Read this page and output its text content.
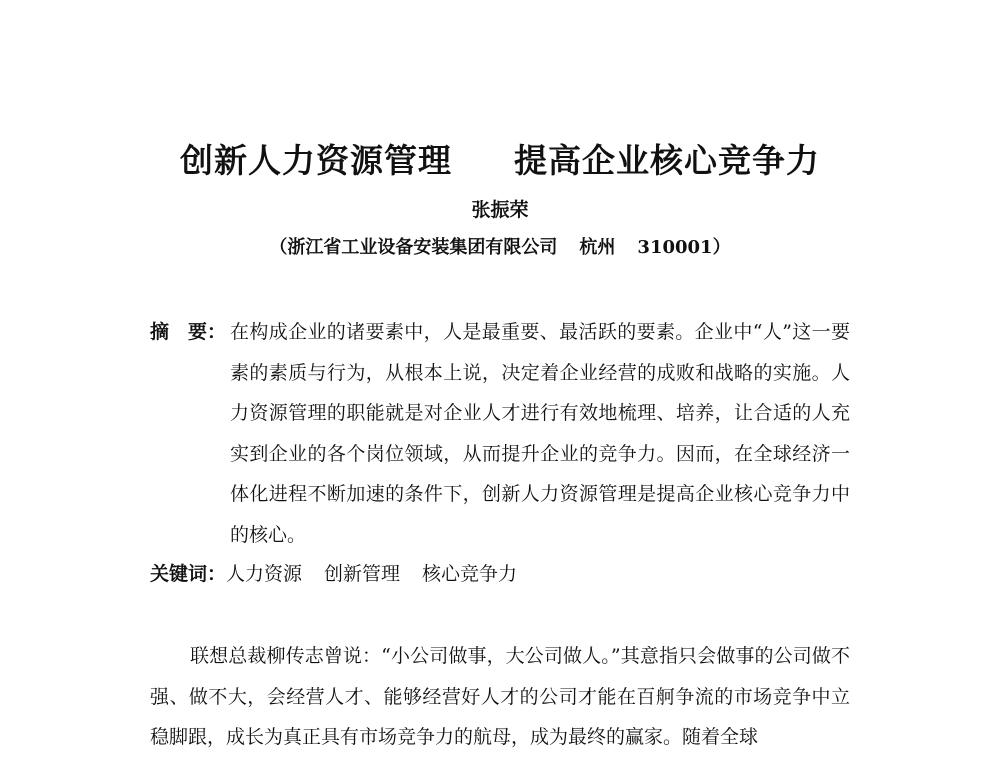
创新人力资源管理 提高企业核心竞争力
张振荣
（浙江省工业设备安装集团有限公司 杭州 310001）
摘　要： 在构成企业的诸要素中，人是最重要、最活跃的要素。企业中“人”这一要素的素质与行为，从根本上说，决定着企业经营的成败和战略的实施。人力资源管理的职能就是对企业人才进行有效地梳理、培养，让合适的人充实到企业的各个岗位领域，从而提升企业的竞争力。因而，在全球经济一体化进程不断加速的条件下，创新人力资源管理是提高企业核心竞争力中的核心。
关键词：人力资源 创新管理 核心竞争力
联想总裁柳传志曾说：“小公司做事，大公司做人。”其意指只会做事的公司做不强、做不大，会经营人才、能够经营好人才的公司才能在百舸争流的市场竞争中立稳脚跟，成长为真正具有市场竞争力的航母，成为最终的赢家。随着全球
